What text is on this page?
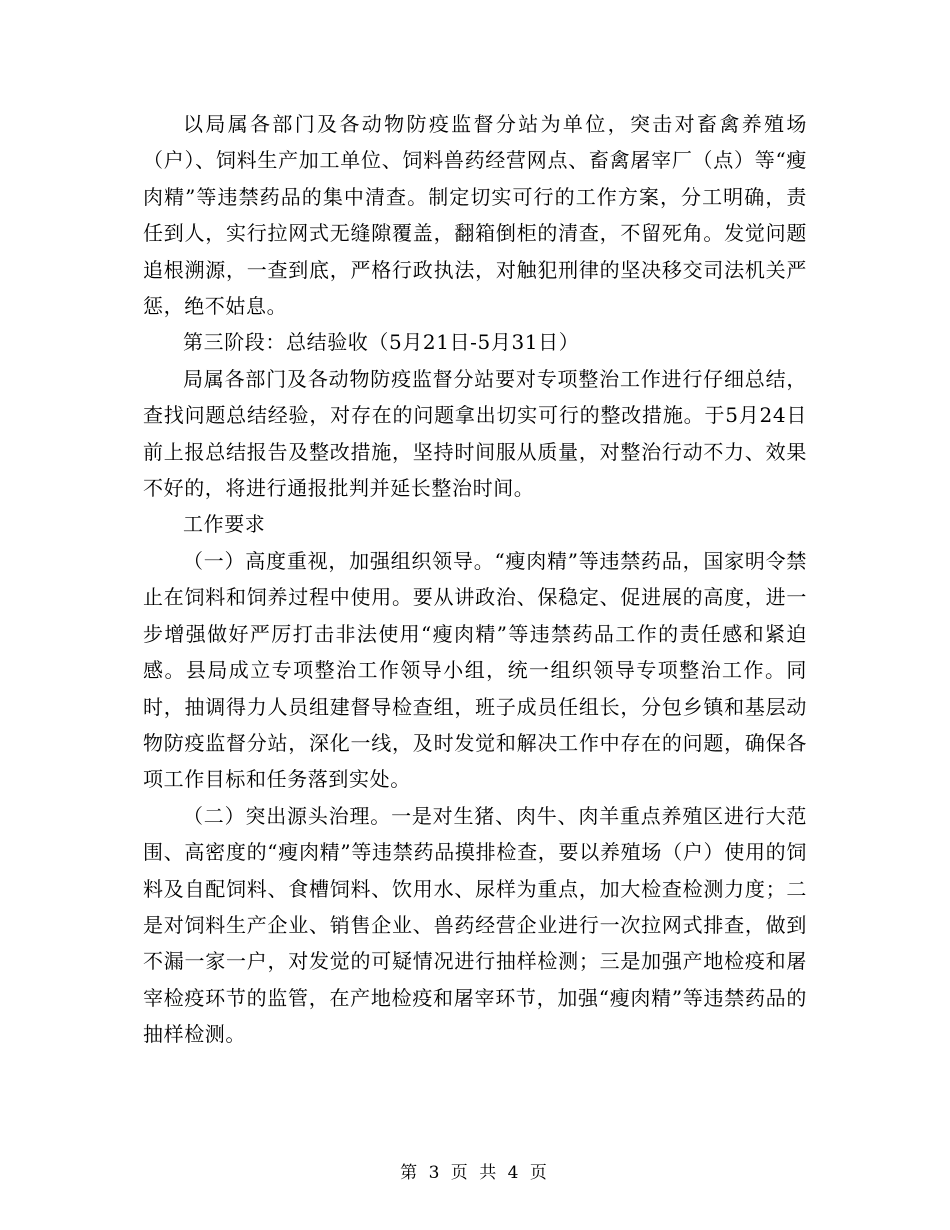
以局属各部门及各动物防疫监督分站为单位，突击对畜禽养殖场（户）、饲料生产加工单位、饲料兽药经营网点、畜禽屠宰厂（点）等“瘦肉精”等违禁药品的集中清查。制定切实可行的工作方案，分工明确，责任到人，实行拉网式无缝隙覆盖，翻箱倒柜的清查，不留死角。发觉问题追根溯源，一查到底，严格行政执法，对触犯刑律的坚决移交司法机关严惩，绝不姑息。

第三阶段：总结验收（5月21日-5月31日）

局属各部门及各动物防疫监督分站要对专项整治工作进行仔细总结，查找问题总结经验，对存在的问题拿出切实可行的整改措施。于5月24日前上报总结报告及整改措施，坚持时间服从质量，对整治行动不力、效果不好的，将进行通报批判并延长整治时间。

工作要求

（一）高度重视，加强组织领导。“瘦肉精”等违禁药品，国家明令禁止在饲料和饲养过程中使用。要从讲政治、保稳定、促进展的高度，进一步增强做好严厉打击非法使用“瘦肉精”等违禁药品工作的责任感和紧迫感。县局成立专项整治工作领导小组，统一组织领导专项整治工作。同时，抽调得力人员组建督导检查组，班子成员任组长，分包乡镇和基层动物防疫监督分站，深化一线，及时发觉和解决工作中存在的问题，确保各项工作目标和任务落到实处。

（二）突出源头治理。一是对生猪、肉牛、肉羊重点养殖区进行大范围、高密度的“瘦肉精”等违禁药品摸排检查，要以养殖场（户）使用的饲料及自配饲料、食槽饲料、饮用水、尿样为重点，加大检查检测力度；二是对饲料生产企业、销售企业、兽药经营企业进行一次拉网式排查，做到不漏一家一户，对发觉的可疑情况进行抽样检测；三是加强产地检疫和屠宰检疫环节的监管，在产地检疫和屠宰环节，加强“瘦肉精”等违禁药品的抽样检测。

第 3 页 共 4 页
